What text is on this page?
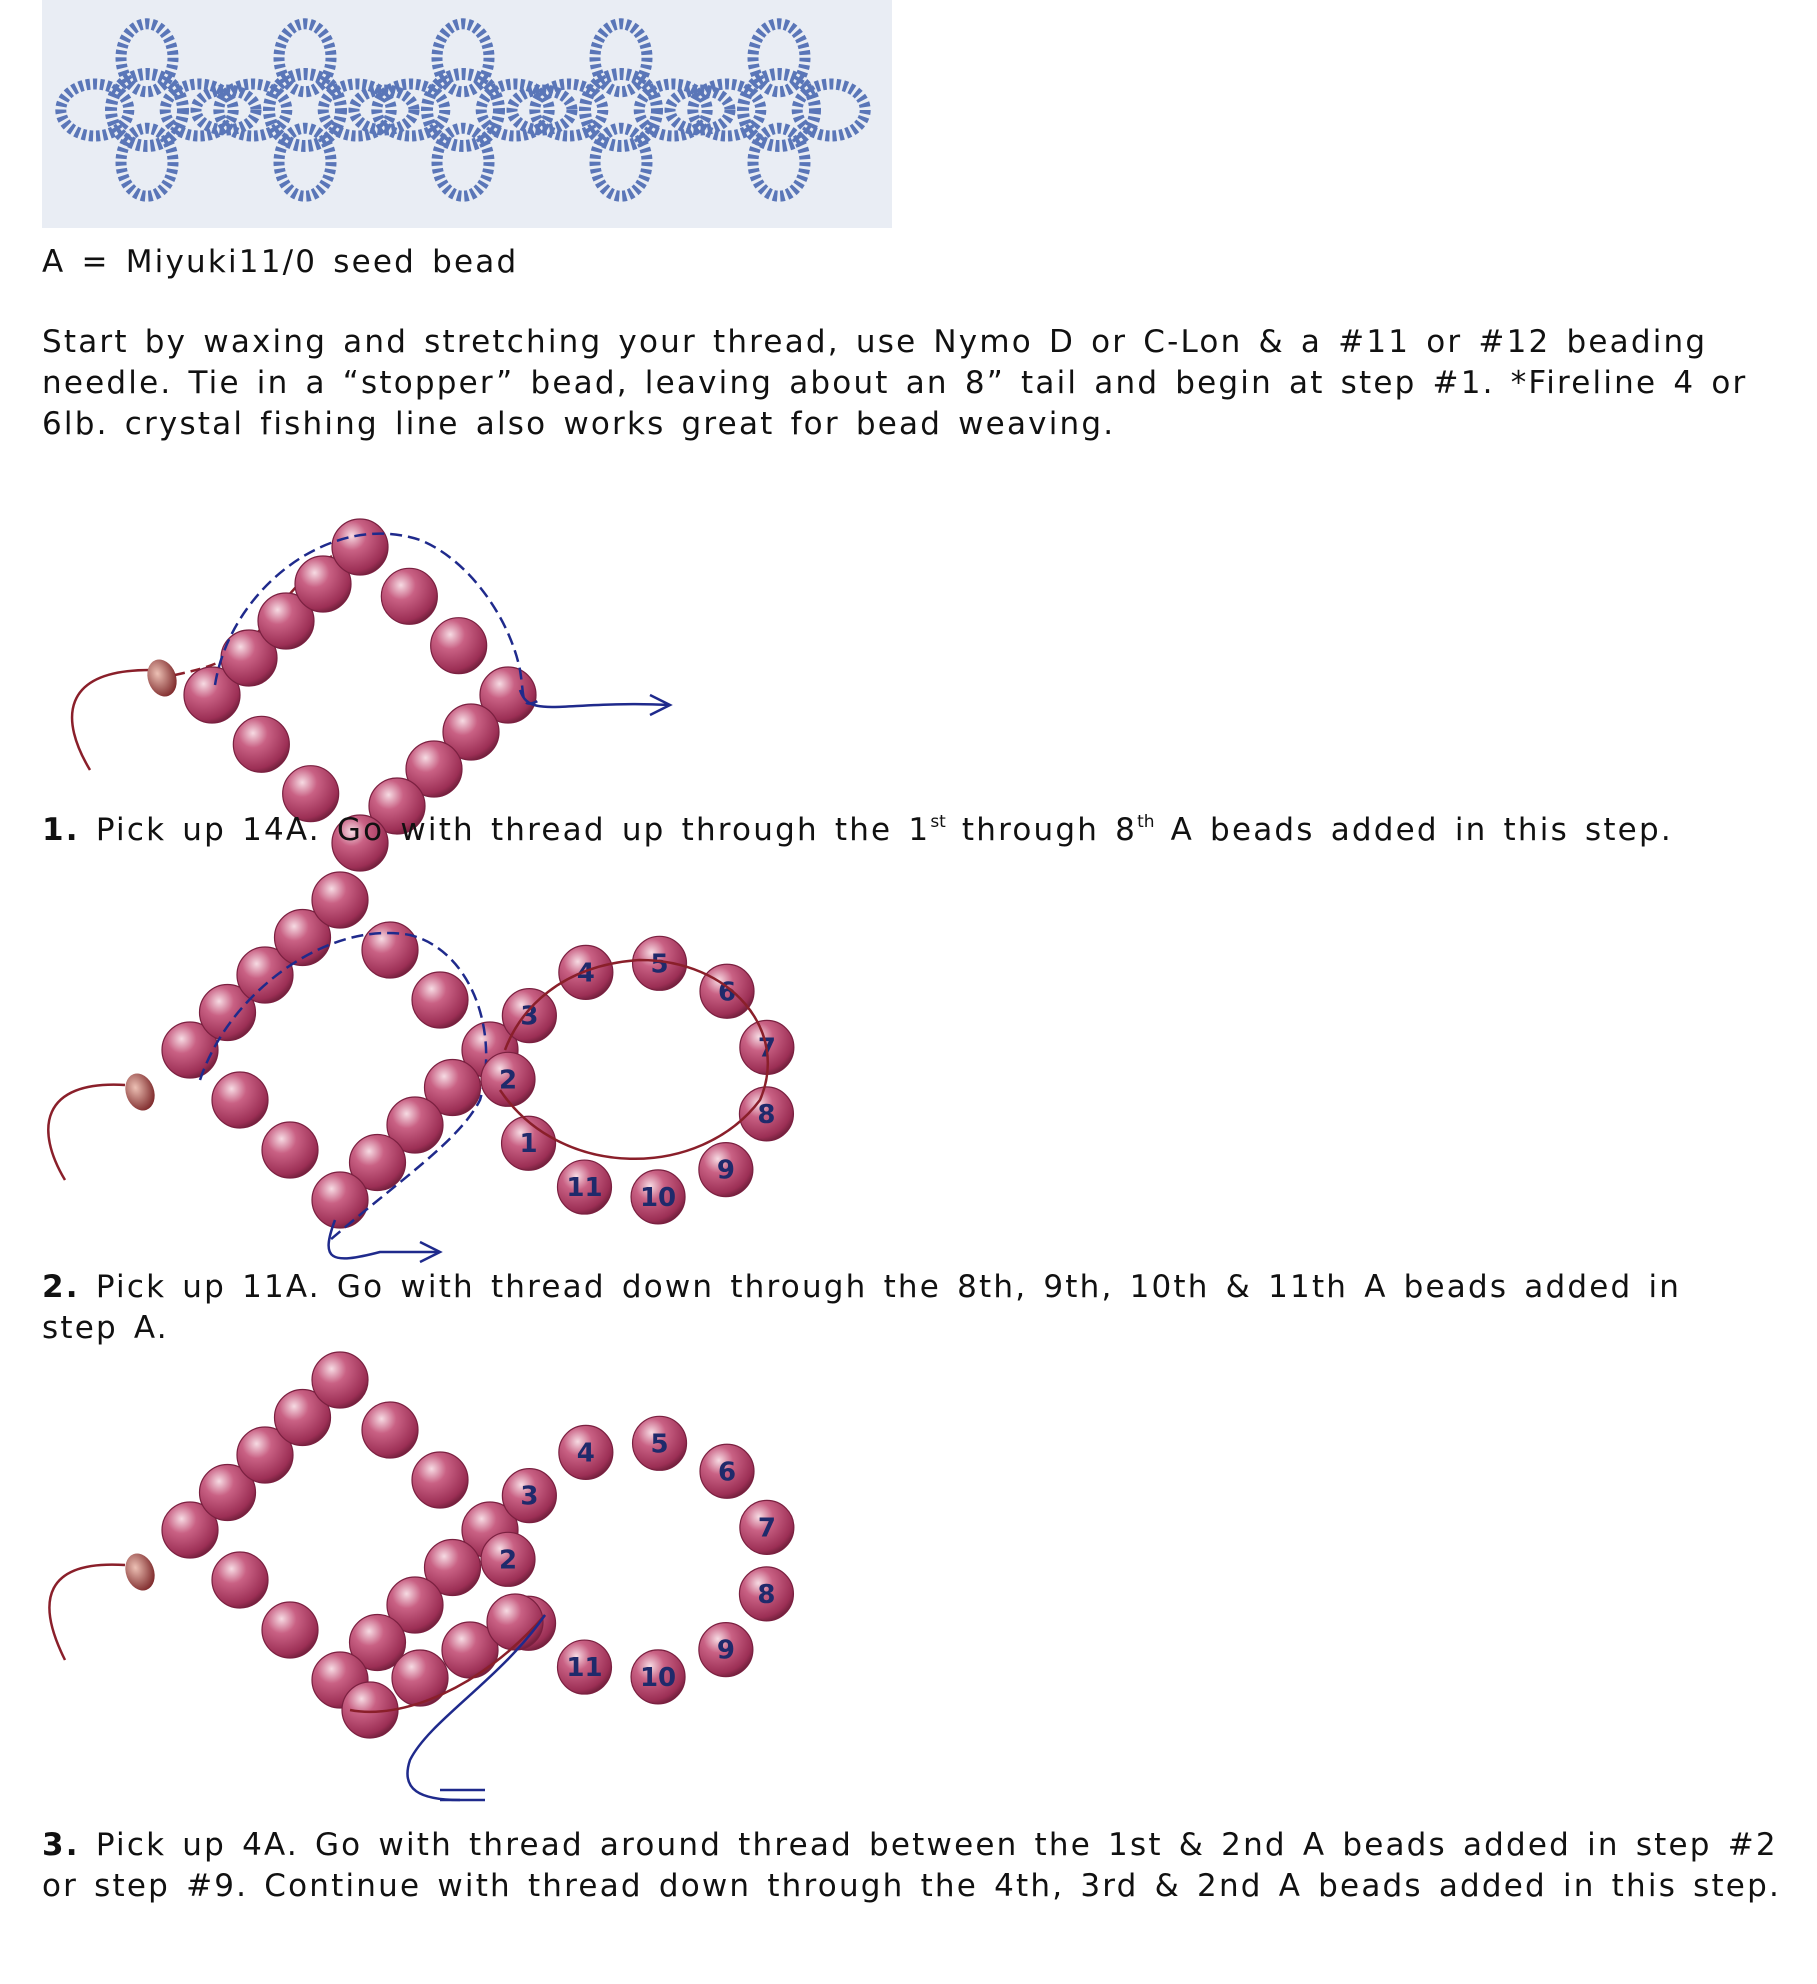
A = Miyuki11/0 seed bead
Start by waxing and stretching your thread, use Nymo D or C-Lon & a #11 or #12 beading needle. Tie in a “stopper” bead, leaving about an 8” tail and begin at step #1. *Fireline 4 or 6lb. crystal fishing line also works great for bead weaving.
1. Pick up 14A. Go with thread up through the 1st through 8th A beads added in this step.
1
2
3
4 5
6
7
8
9
10
11
2. Pick up 11A. Go with thread down through the 8th, 9th, 10th & 11th A beads added in step A.
2
3
4 5
6
7
8
9
10
11
3. Pick up 4A. Go with thread around thread between the 1st & 2nd A beads added in step #2 or step #9. Continue with thread down through the 4th, 3rd & 2nd A beads added in this step.
